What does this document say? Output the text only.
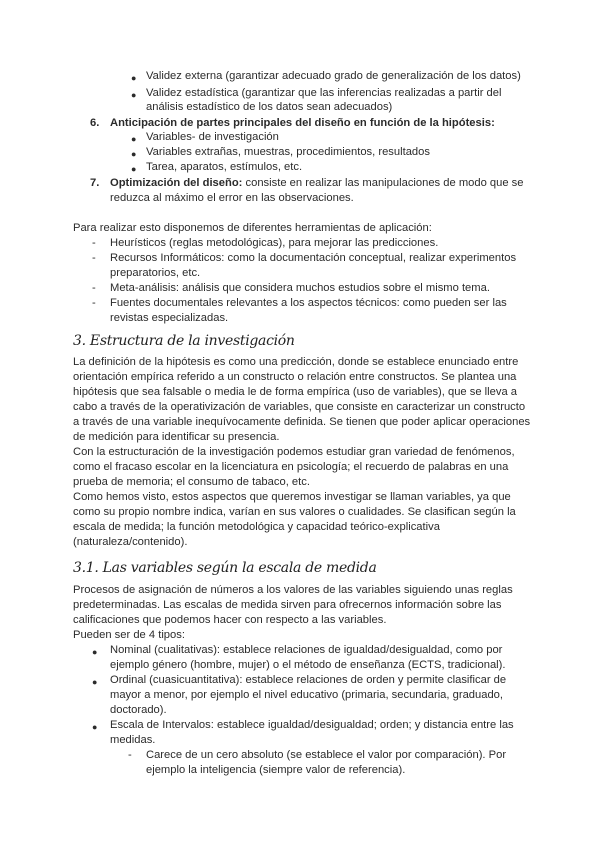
● Validez externa (garantizar adecuado grado de generalización de los datos)
● Validez estadística (garantizar que las inferencias realizadas a partir del
análisis estadístico de los datos sean adecuados)
6. Anticipación de partes principales del diseño en función de la hipótesis:
● Variables- de investigación
● Variables extrañas, muestras, procedimientos, resultados
● Tarea, aparatos, estímulos, etc.
7. Optimización del diseño: consiste en realizar las manipulaciones de modo que se
reduzca al máximo el error en las observaciones.
Para realizar esto disponemos de diferentes herramientas de aplicación:
- Heurísticos (reglas metodológicas), para mejorar las predicciones.
- Recursos Informáticos: como la documentación conceptual, realizar experimentos
preparatorios, etc.
- Meta-análisis: análisis que considera muchos estudios sobre el mismo tema.
- Fuentes documentales relevantes a los aspectos técnicos: como pueden ser las
revistas especializadas.
3. Estructura de la investigación
La definición de la hipótesis es como una predicción, donde se establece enunciado entre
orientación empírica referido a un constructo o relación entre constructos. Se plantea una
hipótesis que sea falsable o media le de forma empírica (uso de variables), que se lleva a
cabo a través de la operativización de variables, que consiste en caracterizar un constructo
a través de una variable inequívocamente definida. Se tienen que poder aplicar operaciones
de medición para identificar su presencia.
Con la estructuración de la investigación podemos estudiar gran variedad de fenómenos,
como el fracaso escolar en la licenciatura en psicología; el recuerdo de palabras en una
prueba de memoria; el consumo de tabaco, etc.
Como hemos visto, estos aspectos que queremos investigar se llaman variables, ya que
como su propio nombre indica, varían en sus valores o cualidades. Se clasifican según la
escala de medida; la función metodológica y capacidad teórico-explicativa
(naturaleza/contenido).
3.1. Las variables según la escala de medida
Procesos de asignación de números a los valores de las variables siguiendo unas reglas
predeterminadas. Las escalas de medida sirven para ofrecernos información sobre las
calificaciones que podemos hacer con respecto a las variables.
Pueden ser de 4 tipos:
● Nominal (cualitativas): establece relaciones de igualdad/desigualdad, como por
ejemplo género (hombre, mujer) o el método de enseñanza (ECTS, tradicional).
● Ordinal (cuasicuantitativa): establece relaciones de orden y permite clasificar de
mayor a menor, por ejemplo el nivel educativo (primaria, secundaria, graduado,
doctorado).
● Escala de Intervalos: establece igualdad/desigualdad; orden; y distancia entre las
medidas.
- Carece de un cero absoluto (se establece el valor por comparación). Por
ejemplo la inteligencia (siempre valor de referencia).
